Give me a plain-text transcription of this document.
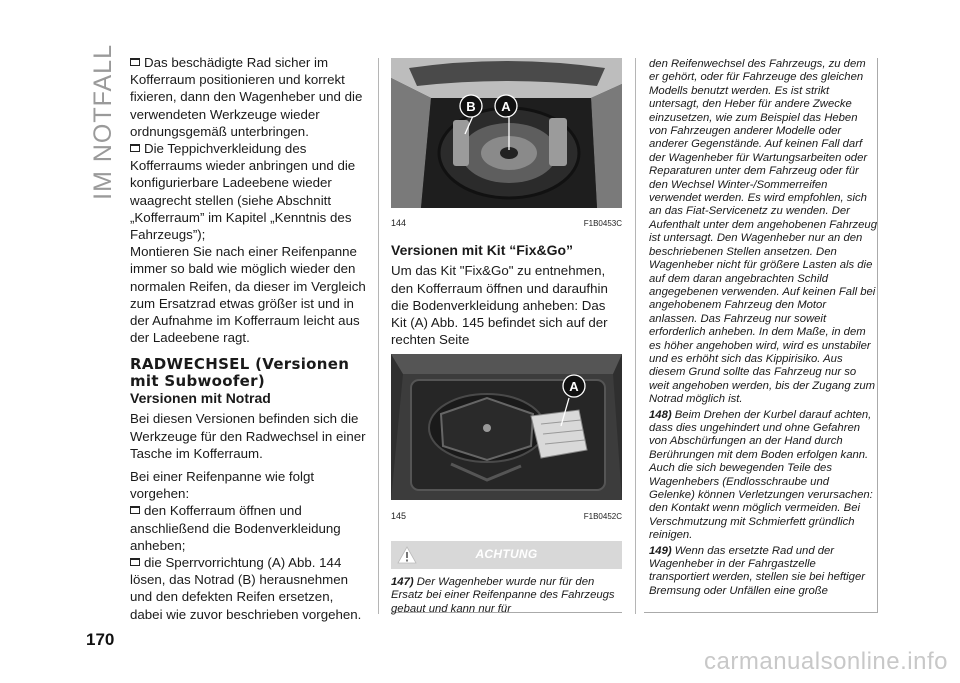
IM NOTFALL	Das beschädigte Rad sicher im Kofferraum positionieren und korrekt fixieren, dann den Wagenheber und die verwendeten Werkzeuge wieder ordnungsgemäß unterbringen.

Die Teppichverkleidung des Kofferraums wieder anbringen und die konfigurierbare Ladeebene wieder waagrecht stellen (siehe Abschnitt „Kofferraum” im Kapitel „Kenntnis des Fahrzeugs”);

Montieren Sie nach einer Reifenpanne immer so bald wie möglich wieder den normalen Reifen, da dieser im Vergleich zum Ersatzrad etwas größer ist und in der Aufnahme im Kofferraum leicht aus der Ladeebene ragt.

RADWECHSEL (Versionen mit Subwoofer)
Versionen mit Notrad

Bei diesen Versionen befinden sich die Werkzeuge für den Radwechsel in einer Tasche im Kofferraum.

Bei einer Reifenpanne wie folgt vorgehen:

den Kofferraum öffnen und anschließend die Bodenverkleidung anheben;

die Sperrvorrichtung (A) Abb. 144 lösen, das Notrad (B) herausnehmen und den defekten Reifen ersetzen, dabei wie zuvor beschrieben vorgehen.

B A
144	F1B0453C
Versionen mit Kit “Fix&Go”

Um das Kit "Fix&Go" zu entnehmen, den Kofferraum öffnen und daraufhin die Bodenverkleidung anheben: Das Kit (A) Abb. 145 befindet sich auf der rechten Seite

A
145	F1B0452C
ACHTUNG

147) Der Wagenheber wurde nur für den Ersatz bei einer Reifenpanne des Fahrzeugs gebaut und kann nur für

den Reifenwechsel des Fahrzeugs, zu dem er gehört, oder für Fahrzeuge des gleichen Modells benutzt werden. Es ist strikt untersagt, den Heber für andere Zwecke einzusetzen, wie zum Beispiel das Heben von Fahrzeugen anderer Modelle oder anderer Gegenstände. Auf keinen Fall darf der Wagenheber für Wartungsarbeiten oder Reparaturen unter dem Fahrzeug oder für den Wechsel Winter-/Sommerreifen verwendet werden. Es wird empfohlen, sich an das Fiat-Servicenetz zu wenden. Der Aufenthalt unter dem angehobenen Fahrzeug ist untersagt. Den Wagenheber nur an den beschriebenen Stellen ansetzen. Den Wagenheber nicht für größere Lasten als die auf dem daran angebrachten Schild angegebenen verwenden. Auf keinen Fall bei angehobenem Fahrzeug den Motor anlassen. Das Fahrzeug nur soweit erforderlich anheben. In dem Maße, in dem es höher angehoben wird, wird es unstabiler und es erhöht sich das Kippirisiko. Aus diesem Grund sollte das Fahrzeug nur so weit angehoben werden, bis der Zugang zum Notrad möglich ist.

148) Beim Drehen der Kurbel darauf achten, dass dies ungehindert und ohne Gefahren von Abschürfungen an der Hand durch Berührungen mit dem Boden erfolgen kann. Auch die sich bewegenden Teile des Wagenhebers (Endlosschraube und Gelenke) können Verletzungen verursachen: den Kontakt wenn möglich vermeiden. Bei Verschmutzung mit Schmierfett gründlich reinigen.

149) Wenn das ersetzte Rad und der Wagenheber in der Fahrgastzelle transportiert werden, stellen sie bei heftiger Bremsung oder Unfällen eine große

170
carmanualsonline.info
